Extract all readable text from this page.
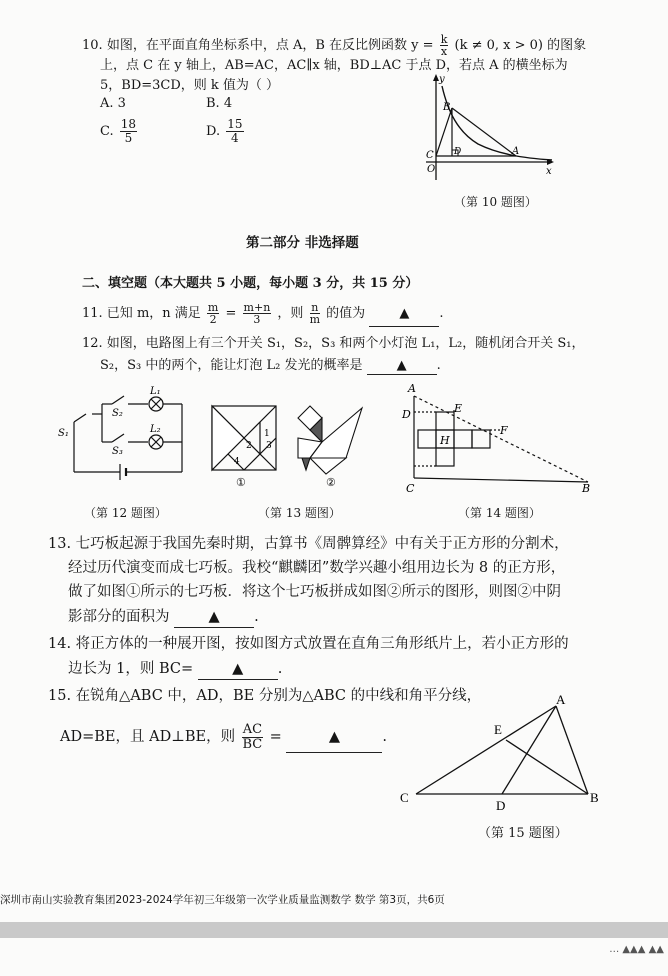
10. 如图，在平面直角坐标系中，点 A，B 在反比例函数 $y = \frac{k}{x} (k \ne 0$, x > 0) 的图象
上，点 C 在 y 轴上，AB=AC，AC∥x 轴，BD⊥AC 于点 D，若点 A 的横坐标为
5，BD=3CD，则 k 值为（ ）
A. 3	B. 4
C. $\frac{18}{5}$	D. $\frac{15}{4}$
y
B
C D	A
O	x
（第 10 题图）
第二部分 非选择题
二、填空题（本大题共 5 小题，每小题 3 分，共 15 分）
11. 已知 m，n 满足 $\frac{m}{2} = \frac{m+n}{3}$ ，则 $\frac{n}{m}$ 的值为	▲ .
12. 如图，电路图上有三个开关 S₁，S₂，S₃ 和两个小灯泡 L₁，L₂，随机闭合开关 S₁，
S₂，S₃ 中的两个，能让灯泡 L₂ 发光的概率是	▲ .
S₁
S₂
S₃
L₁
L₂
（第 12 题图）
1
2 3
4
①	②
（第 13 题图）
A
D	E
F
H
C	B
（第 14 题图）
13. 七巧板起源于我国先秦时期，古算书《周髀算经》中有关于正方形的分割术，
经过历代演变而成七巧板。我校“麒麟团”数学兴趣小组用边长为 8 的正方形，
做了如图①所示的七巧板．将这个七巧板拼成如图②所示的图形，则图②中阴
影部分的面积为	▲ .
14. 将正方体的一种展开图，按如图方式放置在直角三角形纸片上，若小正方形的
边长为 1，则 BC=	▲ .
15. 在锐角△ABC 中，AD，BE 分别为△ABC 的中线和角平分线，
AD=BE，且 AD⊥BE，则 $\frac{AC}{BC}$ =	▲	.
A
E
C
D
B
（第 15 题图）
深圳市南山实验教育集团2023-2024学年初三年级第一次学业质量监测数学 数学 第3页，共6页
… ▲▲▲ ▲▲
